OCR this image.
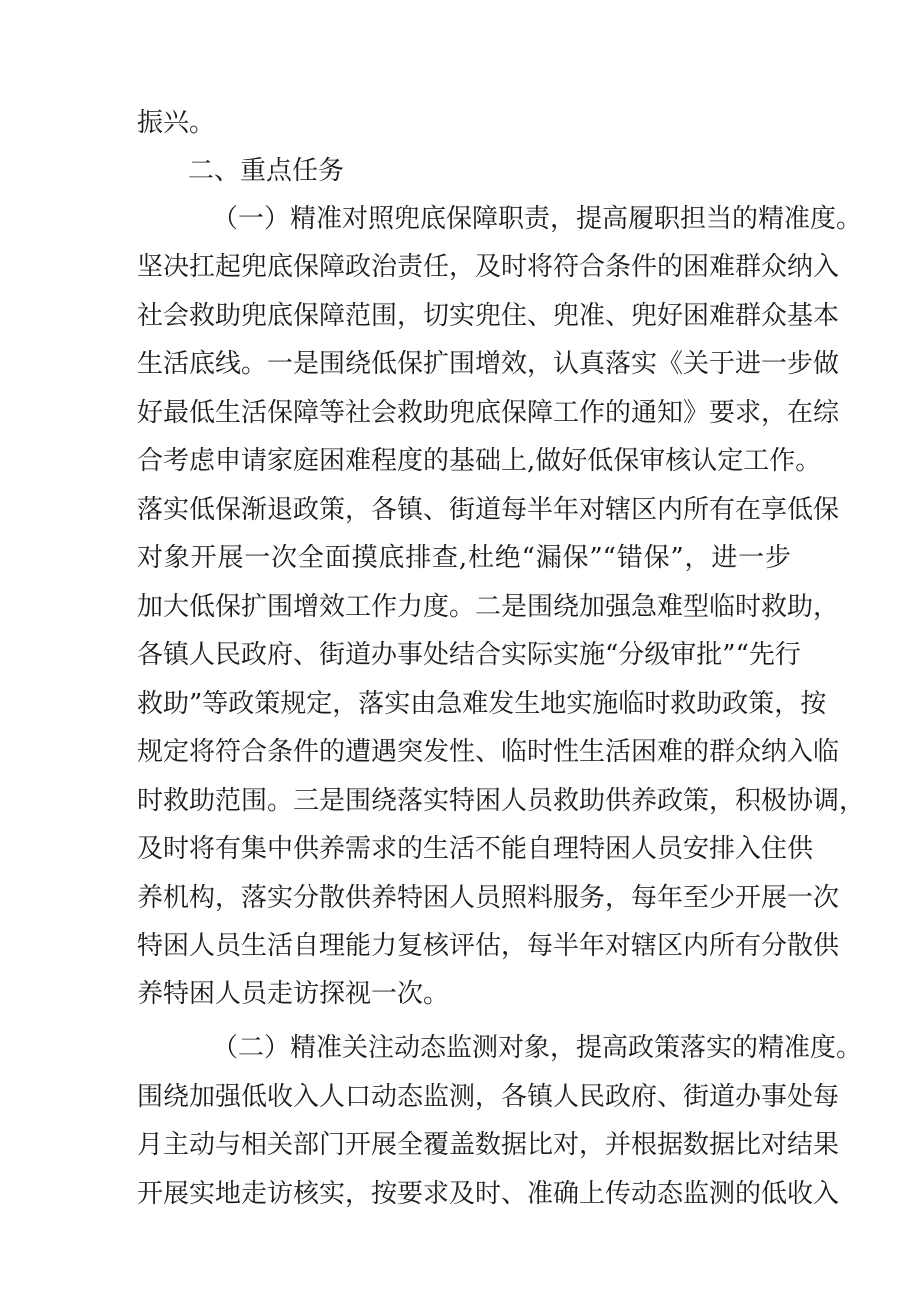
振兴。
二、重点任务
（一）精准对照兜底保障职责，提高履职担当的精准度。
坚决扛起兜底保障政治责任，及时将符合条件的困难群众纳入
社会救助兜底保障范围，切实兜住、兜准、兜好困难群众基本
生活底线。一是围绕低保扩围增效，认真落实《关于进一步做
好最低生活保障等社会救助兜底保障工作的通知》要求，在综
合考虑申请家庭困难程度的基础上,做好低保审核认定工作。
落实低保渐退政策，各镇、街道每半年对辖区内所有在享低保
对象开展一次全面摸底排查,杜绝“漏保”“错保”，进一步
加大低保扩围增效工作力度。二是围绕加强急难型临时救助，
各镇人民政府、街道办事处结合实际实施“分级审批”“先行
救助”等政策规定，落实由急难发生地实施临时救助政策，按
规定将符合条件的遭遇突发性、临时性生活困难的群众纳入临
时救助范围。三是围绕落实特困人员救助供养政策，积极协调，
及时将有集中供养需求的生活不能自理特困人员安排入住供
养机构，落实分散供养特困人员照料服务，每年至少开展一次
特困人员生活自理能力复核评估，每半年对辖区内所有分散供
养特困人员走访探视一次。
（二）精准关注动态监测对象，提高政策落实的精准度。
围绕加强低收入人口动态监测，各镇人民政府、街道办事处每
月主动与相关部门开展全覆盖数据比对，并根据数据比对结果
开展实地走访核实，按要求及时、准确上传动态监测的低收入
